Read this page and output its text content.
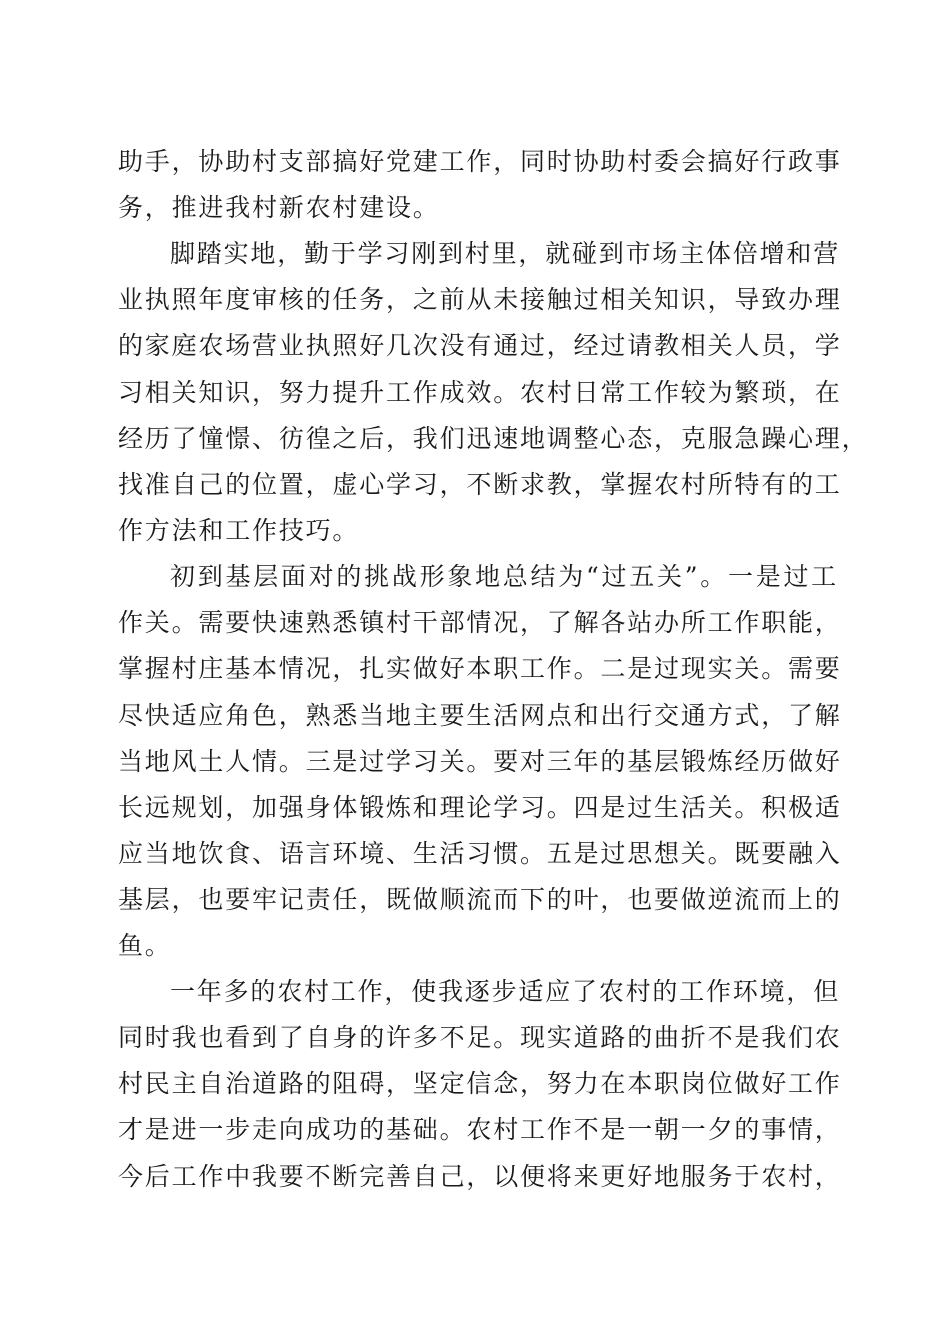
助手，协助村支部搞好党建工作，同时协助村委会搞好行政事
务，推进我村新农村建设。
脚踏实地，勤于学习刚到村里，就碰到市场主体倍增和营
业执照年度审核的任务，之前从未接触过相关知识，导致办理
的家庭农场营业执照好几次没有通过，经过请教相关人员，学
习相关知识，努力提升工作成效。农村日常工作较为繁琐，在
经历了憧憬、彷徨之后，我们迅速地调整心态，克服急躁心理，
找准自己的位置，虚心学习，不断求教，掌握农村所特有的工
作方法和工作技巧。
初到基层面对的挑战形象地总结为“过五关”。一是过工
作关。需要快速熟悉镇村干部情况，了解各站办所工作职能，
掌握村庄基本情况，扎实做好本职工作。二是过现实关。需要
尽快适应角色，熟悉当地主要生活网点和出行交通方式，了解
当地风土人情。三是过学习关。要对三年的基层锻炼经历做好
长远规划，加强身体锻炼和理论学习。四是过生活关。积极适
应当地饮食、语言环境、生活习惯。五是过思想关。既要融入
基层，也要牢记责任，既做顺流而下的叶，也要做逆流而上的
鱼。
一年多的农村工作，使我逐步适应了农村的工作环境，但
同时我也看到了自身的许多不足。现实道路的曲折不是我们农
村民主自治道路的阻碍，坚定信念，努力在本职岗位做好工作
才是进一步走向成功的基础。农村工作不是一朝一夕的事情，
今后工作中我要不断完善自己，以便将来更好地服务于农村，
